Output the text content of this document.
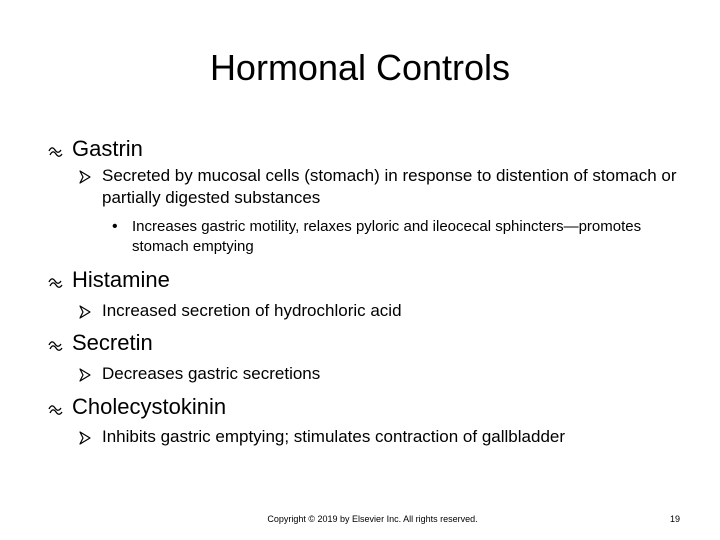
Hormonal Controls
Gastrin
Secreted by mucosal cells (stomach) in response to distention of stomach or partially digested substances
• Increases gastric motility, relaxes pyloric and ileocecal sphincters—promotes stomach emptying
Histamine
Increased secretion of hydrochloric acid
Secretin
Decreases gastric secretions
Cholecystokinin
Inhibits gastric emptying; stimulates contraction of gallbladder
Copyright © 2019 by Elsevier Inc. All rights reserved.	19
